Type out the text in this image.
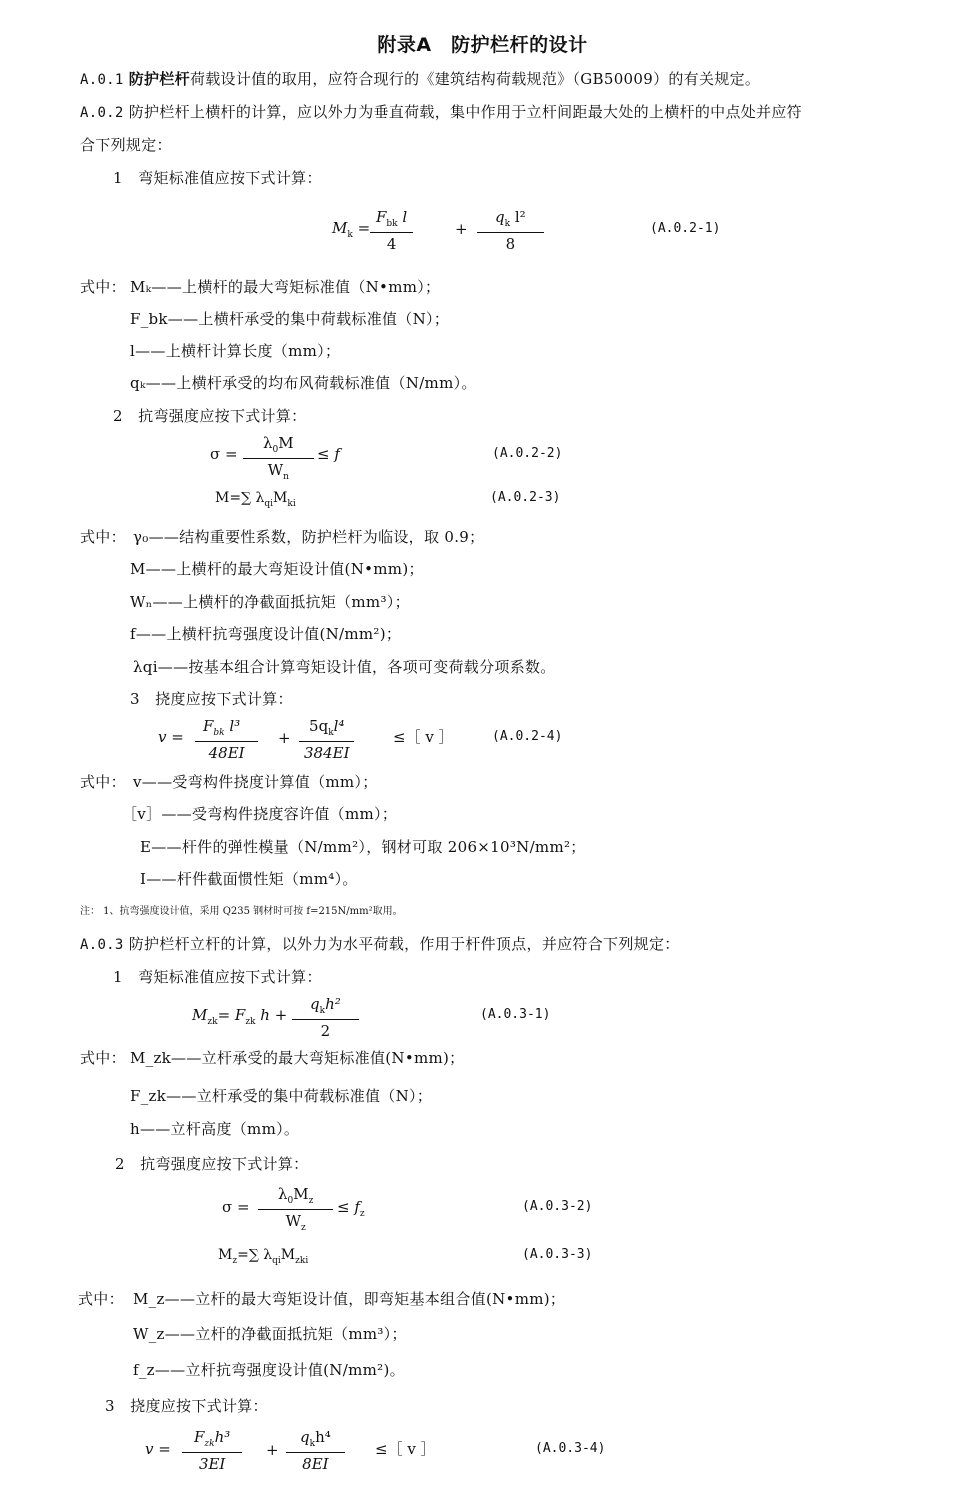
附录A　防护栏杆的设计
A.0.1 防护栏杆荷载设计值的取用，应符合现行的《建筑结构荷载规范》（GB50009）的有关规定。
A.0.2 防护栏杆上横杆的计算，应以外力为垂直荷载，集中作用于立杆间距最大处的上横杆的中点处并应符
合下列规定：
1　弯矩标准值应按下式计算：
$M_k$ =
$F_{bk}$ l
4
+ $\frac{q_k l^2}{8}$	(A.0.2-1)
式中： Mₖ——上横杆的最大弯矩标准值（N•mm）；
F_bk——上横杆承受的集中荷载标准值（N）；
l——上横杆计算长度（mm）；
qₖ——上横杆承受的均布风荷载标准值（N/mm）。
2　抗弯强度应按下式计算：
$\sigma = \frac{\lambda_0M}{W_n} \le f$	(A.0.2-2)
M=∑ $\lambda_{qi}M_{ki}$	(A.0.2-3)
式中： γ₀——结构重要性系数，防护栏杆为临设，取 0.9；
M——上横杆的最大弯矩设计值(N•mm)；
Wₙ——上横杆的净截面抵抗矩（mm³）；
f——上横杆抗弯强度设计值(N/mm²)；
λqi——按基本组合计算弯矩设计值，各项可变荷载分项系数。
3　挠度应按下式计算：
v =
$F_{bk}$ l³
48EI
+
$5q_kl^4$
384EI
≤［ v ］	(A.0.2-4)
式中： v——受弯构件挠度计算值（mm）；
［v］——受弯构件挠度容许值（mm）；
E——杆件的弹性模量（N/mm²），钢材可取 206×10³N/mm²；
I——杆件截面惯性矩（mm⁴）。
注： 1、抗弯强度设计值，采用 Q235 钢材时可按 f=215N/mm²取用。
A.0.3 防护栏杆立杆的计算，以外力为水平荷载，作用于杆件顶点，并应符合下列规定：
1　弯矩标准值应按下式计算：
$M_{zk}= F_{zk}$ h +
$q_kh^2$
2
(A.0.3-1)
式中： M_zk——立杆承受的最大弯矩标准值(N•mm)；
F_zk——立杆承受的集中荷载标准值（N）；
h——立杆高度（mm）。
2　抗弯强度应按下式计算：
$\sigma = \frac{\lambda_0M_z}{W_z} \le f_z$	(A.0.3-2)
$M_z=\sum$ $\lambda_{qi}M_{zki}$	(A.0.3-3)
式中： M_z——立杆的最大弯矩设计值，即弯矩基本组合值(N•mm)；
W_z——立杆的净截面抵抗矩（mm³）；
f_z——立杆抗弯强度设计值(N/mm²)。
3　挠度应按下式计算：
v =
$F_{zk}h^3$
3EI
+
$q_kh^4$
8EI
≤［ v ］	(A.0.3-4)
